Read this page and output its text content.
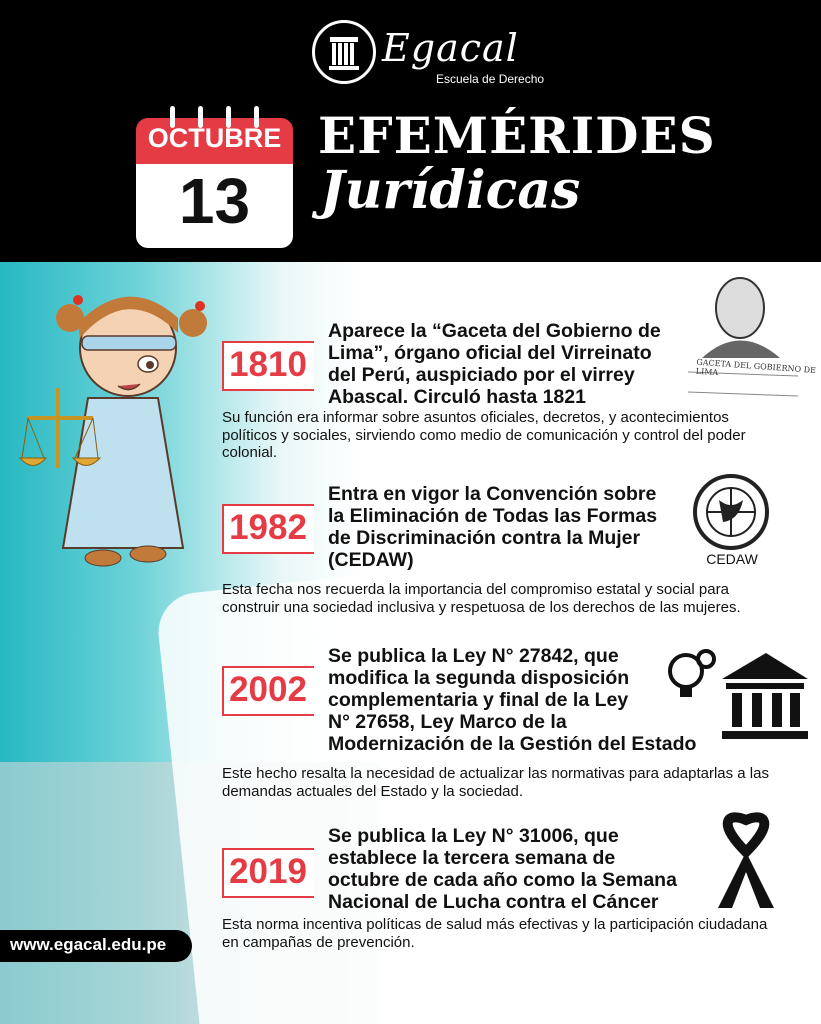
Egacal
Escuela de Derecho
OCTUBRE
13
EFEMÉRIDES
Jurídicas
1810
Aparece la “Gaceta del Gobierno de
Lima”, órgano oficial del Virreinato
del Perú, auspiciado por el virrey
Abascal. Circuló hasta 1821
Su función era informar sobre asuntos oficiales, decretos, y acontecimientos
políticos y sociales, sirviendo como medio de comunicación y control del poder
colonial.
GACETA DEL GOBIERNO DE LIMA
1982
Entra en vigor la Convención sobre
la Eliminación de Todas las Formas
de Discriminación contra la Mujer
(CEDAW)
Esta fecha nos recuerda la importancia del compromiso estatal y social para
construir una sociedad inclusiva y respetuosa de los derechos de las mujeres.
CEDAW
2002
Se publica la Ley N° 27842, que
modifica la segunda disposición
complementaria y final de la Ley
N° 27658, Ley Marco de la
Modernización de la Gestión del Estado
Este hecho resalta la necesidad de actualizar las normativas para adaptarlas a las
demandas actuales del Estado y la sociedad.
2019
Se publica la Ley N° 31006, que
establece la tercera semana de
octubre de cada año como la Semana
Nacional de Lucha contra el Cáncer
Esta norma incentiva políticas de salud más efectivas y la participación ciudadana
en campañas de prevención.
www.egacal.edu.pe
